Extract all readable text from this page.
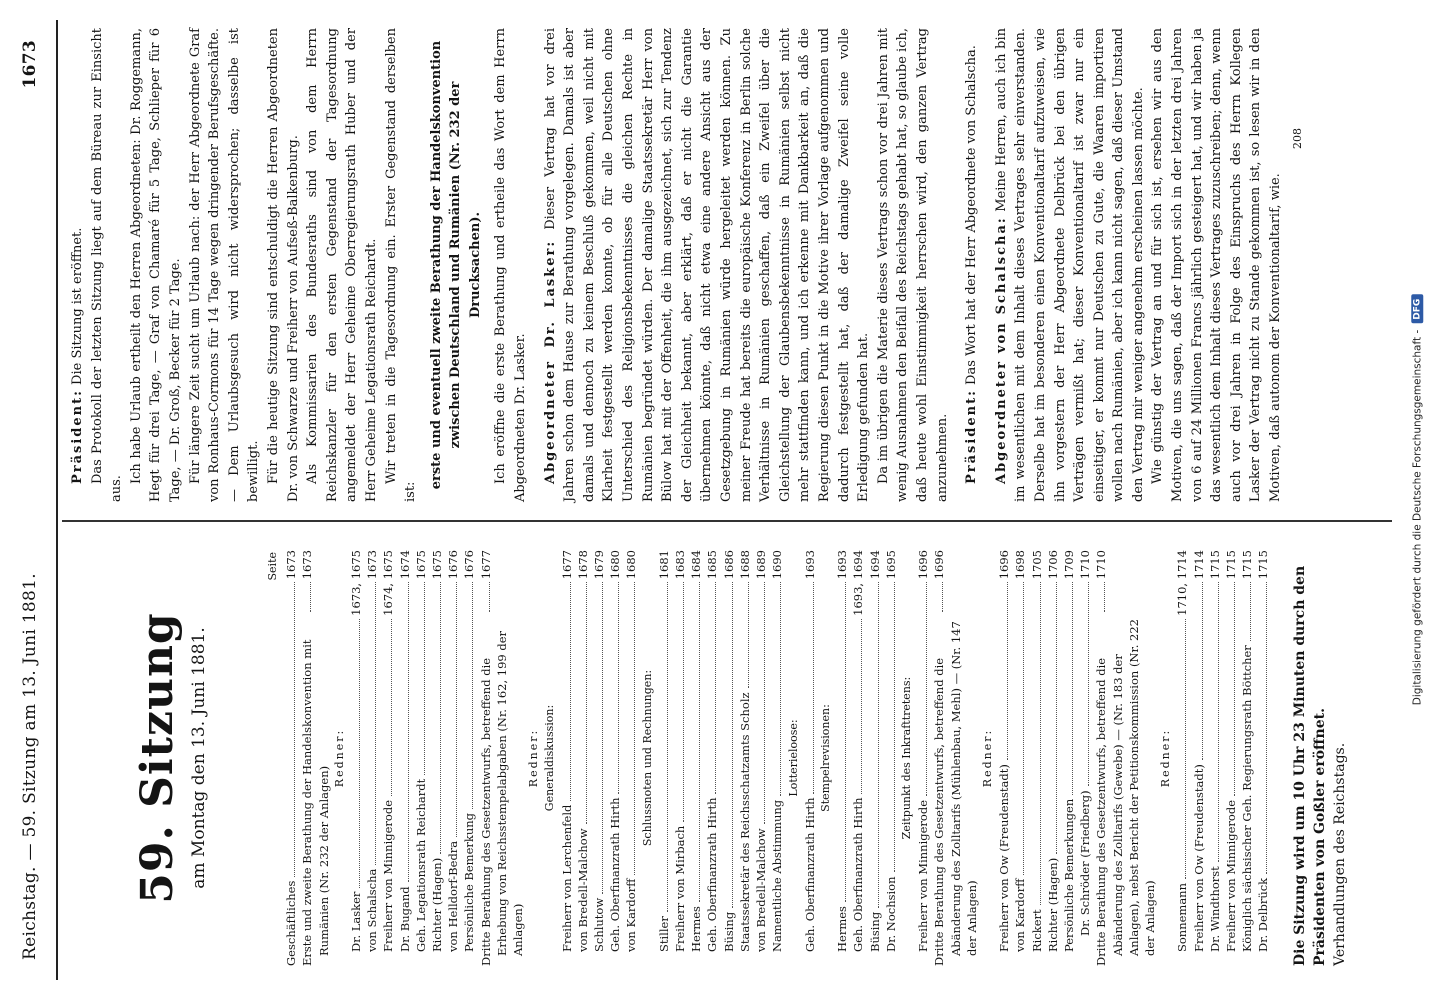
Reichstag. — 59. Sitzung am 13. Juni 1881.
1673
59. Sitzung am Montag den 13. Juni 1881.
Seite
Geschäftliches
1673
Erste und zweite Berathung der Handelskonvention mit Rumänien (Nr. 232 der Anlagen)
1673
Redner:
Dr. Lasker
1673, 1675
von Schalscha
1673
Freiherr von Minnigerode
1674, 1675
Dr. Bugand
1674
Geh. Legationsrath Reichardt
1675
Richter (Hagen)
1675
von Helldorf-Bedra
1676
Persönliche Bemerkung
1676
Dritte Berathung des Gesetzentwurfs, betreffend die Erhebung von Reichsstempelabgaben (Nr. 162, 199 der Anlagen)
1677
Redner: Generaldiskussion:
Freiherr von Lerchenfeld
1677
von Bredell-Malchow
1678
Schlutow
1679
Geh. Oberfinanzrath Hirth
1680
von Kardorff
1680
Schlussnoten und Rechnungen:
Stiller
1681
Freiherr von Mirbach
1683
Hermes
1684
Geh. Oberfinanzrath Hirth
1685
Büsing
1686
Staatssekretär des Reichsschatzamts Scholz
1688
von Bredell-Malchow
1689
Namentliche Abstimmung
1690
Lotterieloose:
Geh. Oberfinanzrath Hirth
1693
Stempelrevisionen:
Hermes
1693
Geh. Oberfinanzrath Hirth
1693, 1694
Büsing
1694
Dr. Nochsion
1695
Zeitpunkt des Inkrafttretens:
Freiherr von Minnigerode
1696
Dritte Berathung des Gesetzentwurfs, betreffend die Abänderung des Zolltarifs (Mühlenbau, Mehl) — (Nr. 147 der Anlagen)
1696
Redner:
Freiherr von Ow (Freudenstadt)
1696
von Kardorff
1698
Rickert
1705
Richter (Hagen)
1706
Persönliche Bemerkungen
1709
Dr. Schröder (Friedberg)
1710
Dritte Berathung des Gesetzentwurfs, betreffend die Abänderung des Zolltarifs (Gewebe) — (Nr. 183 der Anlagen), nebst Bericht der Petitionskommission (Nr. 222 der Anlagen)
1710
Redner:
Sonnemann
1710, 1714
Freiherr von Ow (Freudenstadt)
1714
Dr. Windthorst
1715
Freiherr von Minnigerode
1715
Königlich sächsischer Geh. Regierungsrath Böttcher
1715
Dr. Delbrück
1715
Die Sitzung wird um 10 Uhr 23 Minuten durch den Präsidenten von Goßler eröffnet. Verhandlungen des Reichstags.

Präsident: Die Sitzung ist eröffnet. Das Protokoll der letzten Sitzung liegt auf dem Büreau zur Einsicht aus.

Ich habe Urlaub ertheilt den Herren Abgeordneten: Dr. Roggemann, Hegt für drei Tage, — Graf von Chamaré für 5 Tage, Schlieper für 6 Tage, — Dr. Groß, Becker für 2 Tage. Für längere Zeit sucht um Urlaub nach: der Herr Abgeordnete Graf von Ronhaus-Cormons für 14 Tage wegen dringender Berufsgeschäfte. — Dem Urlaubsgesuch wird nicht widersprochen; dasselbe ist bewilligt. Für die heutige Sitzung sind entschuldigt die Herren Abgeordneten Dr. von Schwarze und Freiherr von Aufseß-Balkenburg. Als Kommissarien des Bundesraths sind von dem Herrn Reichskanzler für den ersten Gegenstand der Tagesordnung angemeldet der Herr Geheime Oberregierungsrath Huber und der Herr Geheime Legationsrath Reichardt. Wir treten in die Tagesordnung ein. Erster Gegenstand derselben ist:

erste und eventuell zweite Berathung der Handelskonvention zwischen Deutschland und Rumänien (Nr. 232 der Drucksachen). Ich eröffne die erste Berathung und ertheile das Wort dem Herrn Abgeordneten Dr. Lasker. Abgeordneter Dr. Lasker: Dieser Vertrag hat vor drei Jahren schon dem Hause zur Berathung vorgelegen. Damals ist aber damals und dennoch zu keinem Beschluß gekommen, weil nicht mit Klarheit festgestellt werden konnte, ob für alle Deutschen ohne Unterschied des Religionsbekenntnisses die gleichen Rechte in Rumänien begründet würden. Der damalige Staatssekretär Herr von Bülow hat mit der Offenheit, die ihm ausgezeichnet, sich zur Tendenz der Gleichheit bekannt, aber erklärt, daß er nicht die Garantie übernehmen könnte, daß nicht etwa eine andere Ansicht aus der Gesetzgebung in Rumänien würde hergeleitet werden können. Zu meiner Freude hat bereits die europäische Konferenz in Berlin solche Verhältnisse in Rumänien geschaffen, daß ein Zweifel über die Gleichstellung der Glaubensbekenntnisse in Rumänien selbst nicht mehr stattfinden kann, und ich erkenne mit Dankbarkeit an, daß die Regierung diesen Punkt in die Motive ihrer Vorlage aufgenommen und dadurch festgestellt hat, daß der damalige Zweifel seine volle Erledigung gefunden hat. Da im übrigen die Materie dieses Vertrags schon vor drei Jahren mit wenig Ausnahmen den Beifall des Reichstags gehabt hat, so glaube ich, daß heute wohl Einstimmigkeit herrschen wird, den ganzen Vertrag anzunehmen. Präsident: Das Wort hat der Herr Abgeordnete von Schalscha. Abgeordneter von Schalscha: Meine Herren, auch ich bin im wesentlichen mit dem Inhalt dieses Vertrages sehr einverstanden. Derselbe hat im besonderen einen Konventionaltarif aufzuweisen, wie ihn vorgestern der Herr Abgeordnete Delbrück bei den übrigen Verträgen vermißt hat; dieser Konventionaltarif ist zwar nur ein einseitiger, er kommt nur Deutschen zu Gute, die Waaren importiren wollen nach Rumänien, aber ich kann nicht sagen, daß dieser Umstand den Vertrag mir weniger angenehm erscheinen lassen möchte. Wie günstig der Vertrag an und für sich ist, ersehen wir aus den Motiven, die uns sagen, daß der Import sich in der letzten drei Jahren von 6 auf 24 Millionen Francs jährlich gesteigert hat, und wir haben ja das wesentlich dem Inhalt dieses Vertrages zuzuschreiben; denn, wenn auch vor drei Jahren in Folge des Einspruchs des Herrn Kollegen Lasker der Vertrag nicht zu Stande gekommen ist, so lesen wir in den Motiven, daß autonom der Konventionaltarif, wie.

208
Digitalisierung gefördert durch die Deutsche Forschungsgemeinschaft -
DFG
